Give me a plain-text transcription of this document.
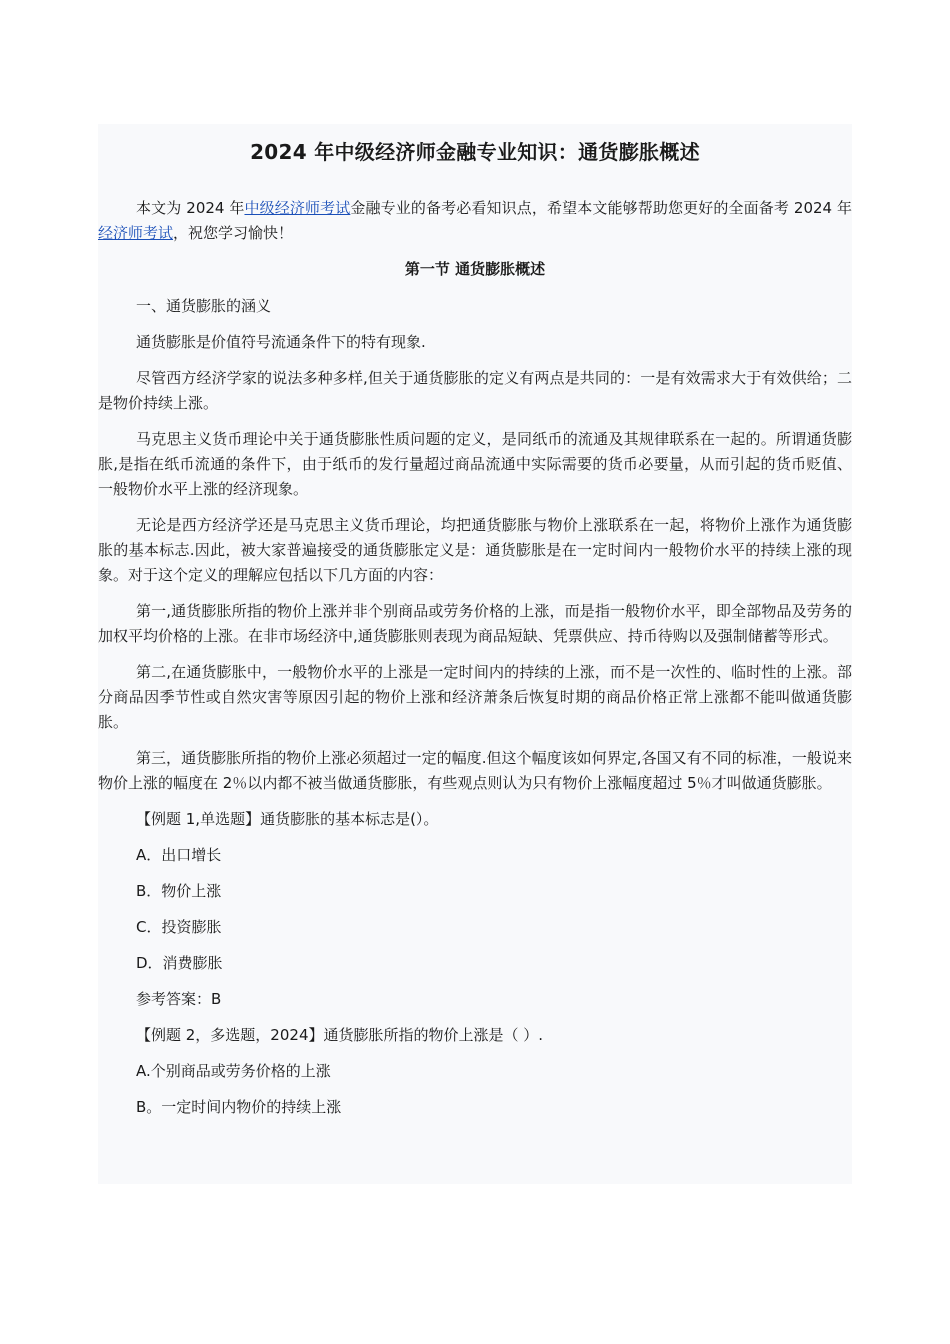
2024 年中级经济师金融专业知识：通货膨胀概述

本文为 2024 年中级经济师考试金融专业的备考必看知识点，希望本文能够帮助您更好的全面备考 2024 年经济师考试，祝您学习愉快！

第一节 通货膨胀概述

一、通货膨胀的涵义

通货膨胀是价值符号流通条件下的特有现象.

尽管西方经济学家的说法多种多样,但关于通货膨胀的定义有两点是共同的：一是有效需求大于有效供给；二是物价持续上涨。

马克思主义货币理论中关于通货膨胀性质问题的定义，是同纸币的流通及其规律联系在一起的。所谓通货膨胀,是指在纸币流通的条件下，由于纸币的发行量超过商品流通中实际需要的货币必要量，从而引起的货币贬值、一般物价水平上涨的经济现象。

无论是西方经济学还是马克思主义货币理论，均把通货膨胀与物价上涨联系在一起，将物价上涨作为通货膨胀的基本标志.因此，被大家普遍接受的通货膨胀定义是：通货膨胀是在一定时间内一般物价水平的持续上涨的现象。对于这个定义的理解应包括以下几方面的内容：

第一,通货膨胀所指的物价上涨并非个别商品或劳务价格的上涨，而是指一般物价水平，即全部物品及劳务的加权平均价格的上涨。在非市场经济中,通货膨胀则表现为商品短缺、凭票供应、持币待购以及强制储蓄等形式。

第二,在通货膨胀中，一般物价水平的上涨是一定时间内的持续的上涨，而不是一次性的、临时性的上涨。部分商品因季节性或自然灾害等原因引起的物价上涨和经济萧条后恢复时期的商品价格正常上涨都不能叫做通货膨胀。

第三，通货膨胀所指的物价上涨必须超过一定的幅度.但这个幅度该如何界定,各国又有不同的标准，一般说来物价上涨的幅度在 2％以内都不被当做通货膨胀，有些观点则认为只有物价上涨幅度超过 5％才叫做通货膨胀。

【例题 1,单选题】通货膨胀的基本标志是(）。

A．出口增长

B．物价上涨

C．投资膨胀

D．消费膨胀

参考答案：B

【例题 2，多选题，2024】通货膨胀所指的物价上涨是（ ）.

A.个别商品或劳务价格的上涨

B。一定时间内物价的持续上涨
